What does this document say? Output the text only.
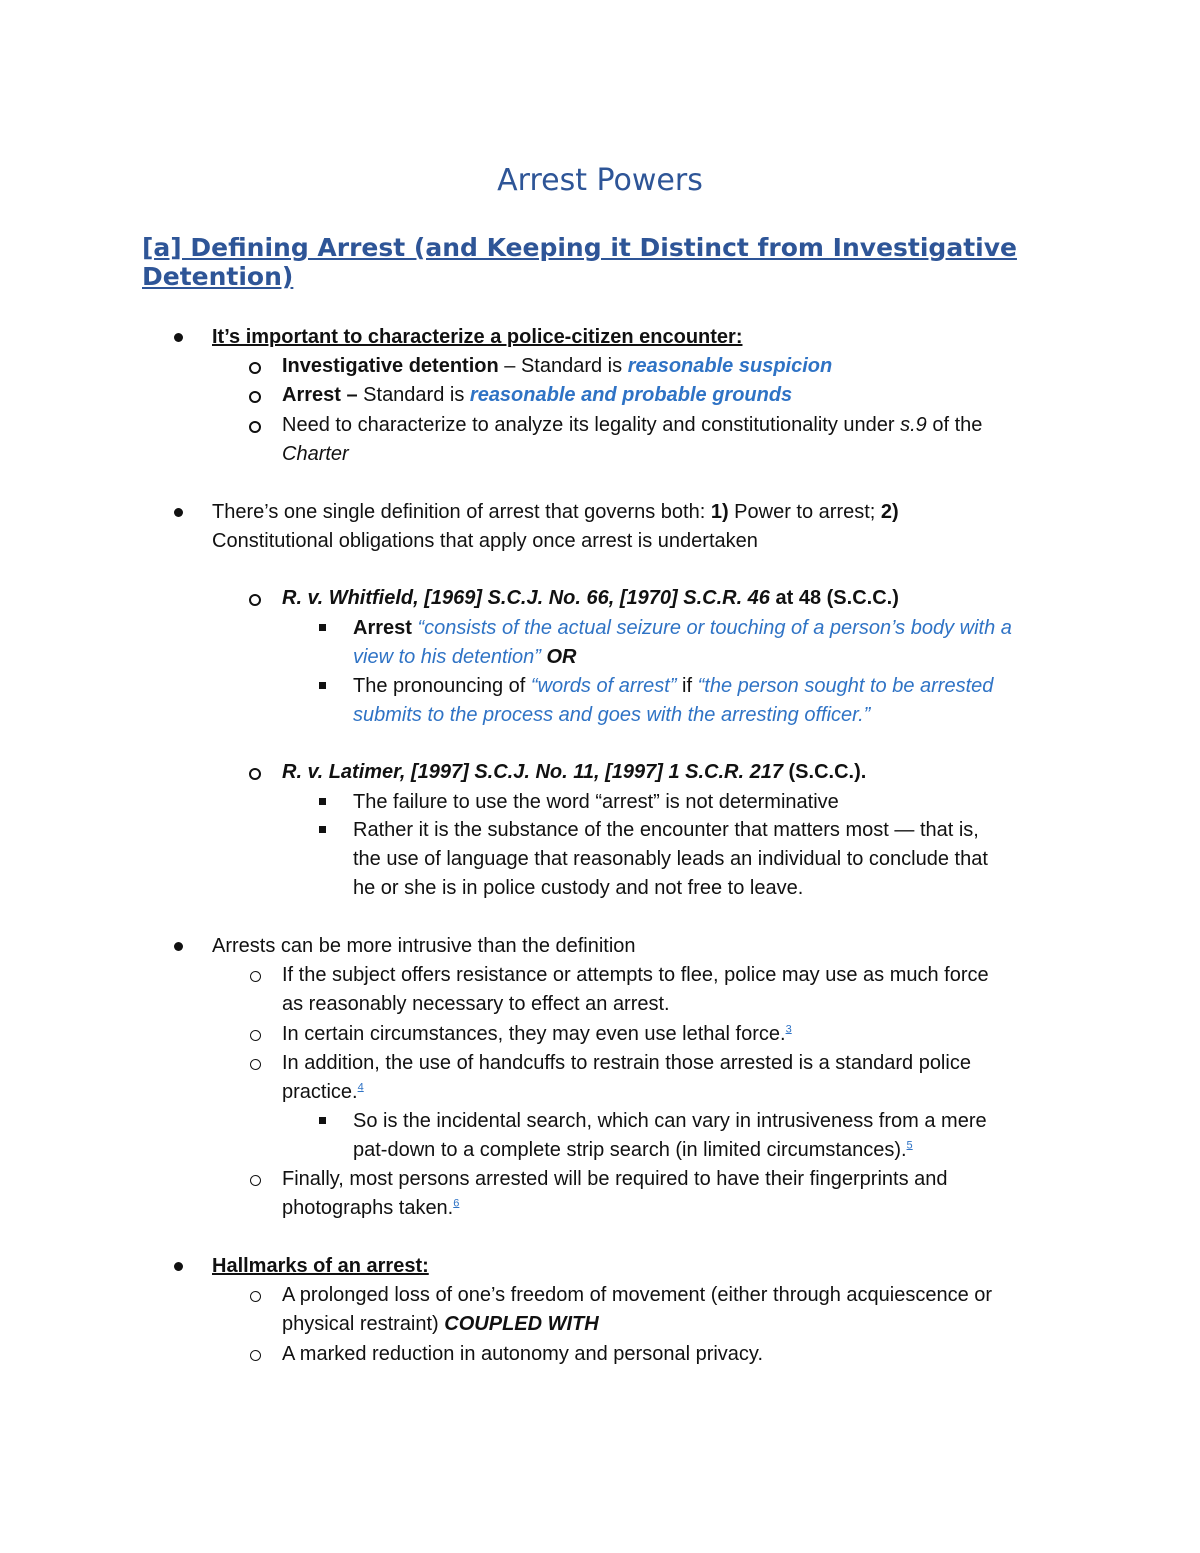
Arrest Powers
[a] Defining Arrest (and Keeping it Distinct from Investigative
Detention)
It’s important to characterize a police-citizen encounter:
Investigative detention – Standard is reasonable suspicion
Arrest – Standard is reasonable and probable grounds
Need to characterize to analyze its legality and constitutionality under s.9 of the
Charter
There’s one single definition of arrest that governs both: 1) Power to arrest; 2)
Constitutional obligations that apply once arrest is undertaken
R. v. Whitfield, [1969] S.C.J. No. 66, [1970] S.C.R. 46 at 48 (S.C.C.)
Arrest “consists of the actual seizure or touching of a person’s body with a
view to his detention” OR
The pronouncing of “words of arrest” if “the person sought to be arrested
submits to the process and goes with the arresting officer.”
R. v. Latimer, [1997] S.C.J. No. 11, [1997] 1 S.C.R. 217 (S.C.C.).
The failure to use the word “arrest” is not determinative
Rather it is the substance of the encounter that matters most — that is,
the use of language that reasonably leads an individual to conclude that
he or she is in police custody and not free to leave.
Arrests can be more intrusive than the definition
If the subject offers resistance or attempts to flee, police may use as much force
as reasonably necessary to effect an arrest.
In certain circumstances, they may even use lethal force.$^3$
In addition, the use of handcuffs to restrain those arrested is a standard police
practice.$^4$
So is the incidental search, which can vary in intrusiveness from a mere
pat-down to a complete strip search (in limited circumstances).$^5$
Finally, most persons arrested will be required to have their fingerprints and
photographs taken.$^6$
Hallmarks of an arrest:
A prolonged loss of one’s freedom of movement (either through acquiescence or
physical restraint) COUPLED WITH
A marked reduction in autonomy and personal privacy.
